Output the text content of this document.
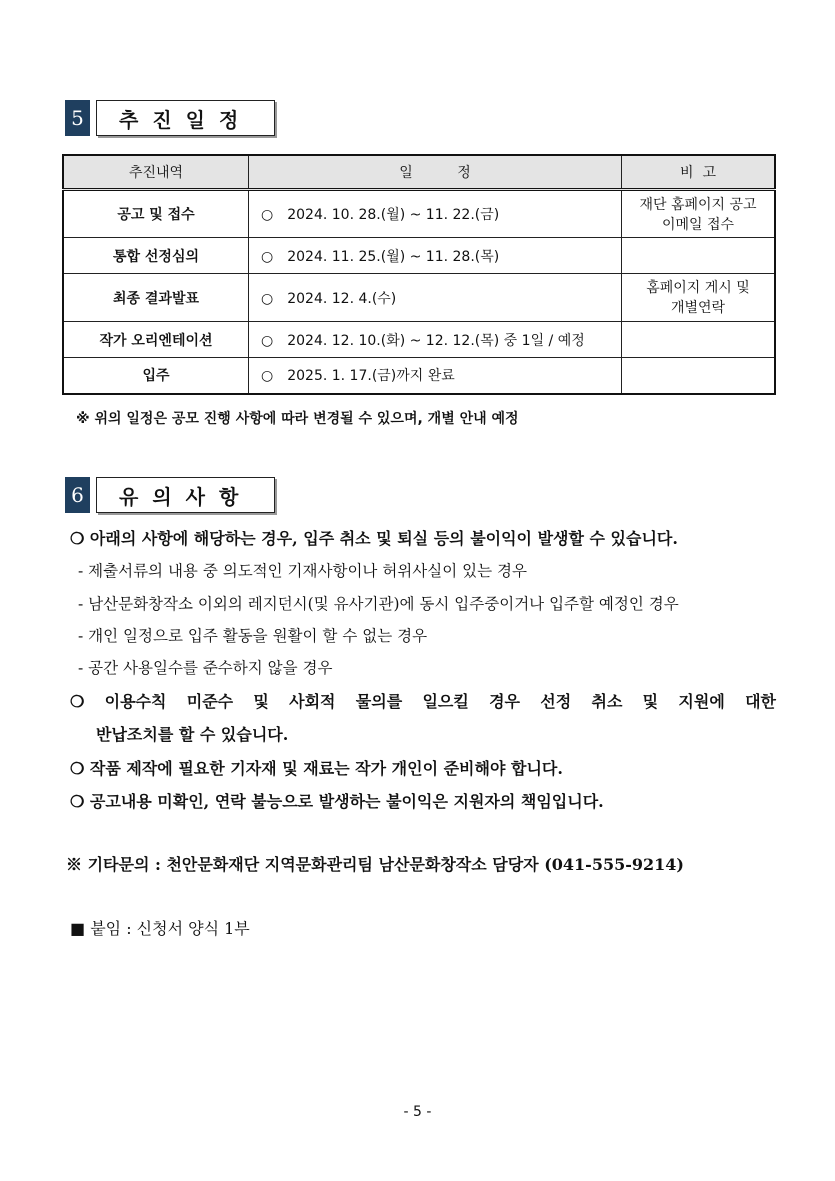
5	추진일정
추진내역	일          정	비  고
공고 및 접수	○ 2024. 10. 28.(월) ~ 11. 22.(금)	재단 홈페이지 공고
이메일 접수
통합 선정심의	○ 2024. 11. 25.(월) ~ 11. 28.(목)	
최종 결과발표	○ 2024. 12. 4.(수)	홈페이지 게시 및
개별연락
작가 오리엔테이션	○ 2024. 12. 10.(화) ~ 12. 12.(목) 중 1일 / 예정	
입주	○ 2025. 1. 17.(금)까지 완료	
※ 위의 일정은 공모 진행 사항에 따라 변경될 수 있으며, 개별 안내 예정
6	유의사항
❍ 아래의 사항에 해당하는 경우, 입주 취소 및 퇴실 등의 불이익이 발생할 수 있습니다.
- 제출서류의 내용 중 의도적인 기재사항이나 허위사실이 있는 경우
- 남산문화창작소 이외의 레지던시(및 유사기관)에 동시 입주중이거나 입주할 예정인 경우
- 개인 일정으로 입주 활동을 원활이 할 수 없는 경우
- 공간 사용일수를 준수하지 않을 경우
❍ 이용수칙 미준수 및 사회적 물의를 일으킬 경우 선정 취소 및 지원에 대한
반납조치를 할 수 있습니다.
❍ 작품 제작에 필요한 기자재 및 재료는 작가 개인이 준비해야 합니다.
❍ 공고내용 미확인, 연락 불능으로 발생하는 불이익은 지원자의 책임입니다.
※ 기타문의 : 천안문화재단 지역문화관리팀 남산문화창작소 담당자 (041-555-9214)
■ 붙임 : 신청서 양식 1부
- 5 -
